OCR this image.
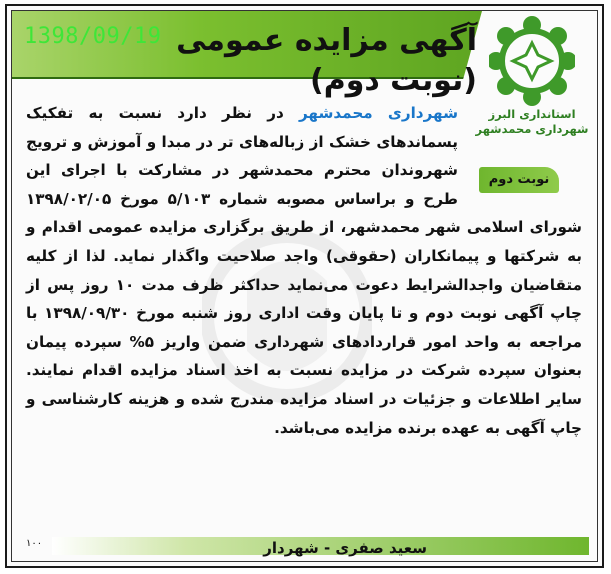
آگهی مزایده عمومی (نوبت دوم)
1398/09/19
استانداری البرز
شهرداری محمدشهر
نوبت دوم
شهرداری محمدشهر در نظر دارد نسبت به تفکیک پسماندهای خشک از زباله‌های تر در مبدا و آموزش و ترویج شهروندان محترم محمدشهر در مشارکت با اجرای این طرح و براساس مصوبه شماره ۵/۱۰۳ مورخ ۱۳۹۸/۰۲/۰۵ شورای اسلامی شهر محمدشهر، از طریق برگزاری مزایده عمومی اقدام و به شرکتها و پیمانکاران (حقوقی) واجد صلاحیت واگذار نماید. لذا از کلیه متقاضیان واجدالشرایط دعوت می‌نماید حداکثر ظرف مدت ۱۰ روز پس از چاپ آگهی نوبت دوم و تا پایان وقت اداری روز شنبه مورخ ۱۳۹۸/۰۹/۳۰ با مراجعه به واحد امور قراردادهای شهرداری ضمن واریز ۵% سپرده پیمان بعنوان سپرده شرکت در مزایده نسبت به اخذ اسناد مزایده اقدام نمایند. سایر اطلاعات و جزئیات در اسناد مزایده مندرج شده و هزینه کارشناسی و چاپ آگهی به عهده برنده مزایده می‌باشد.
سعید صفری - شهردار
۱۰۰
